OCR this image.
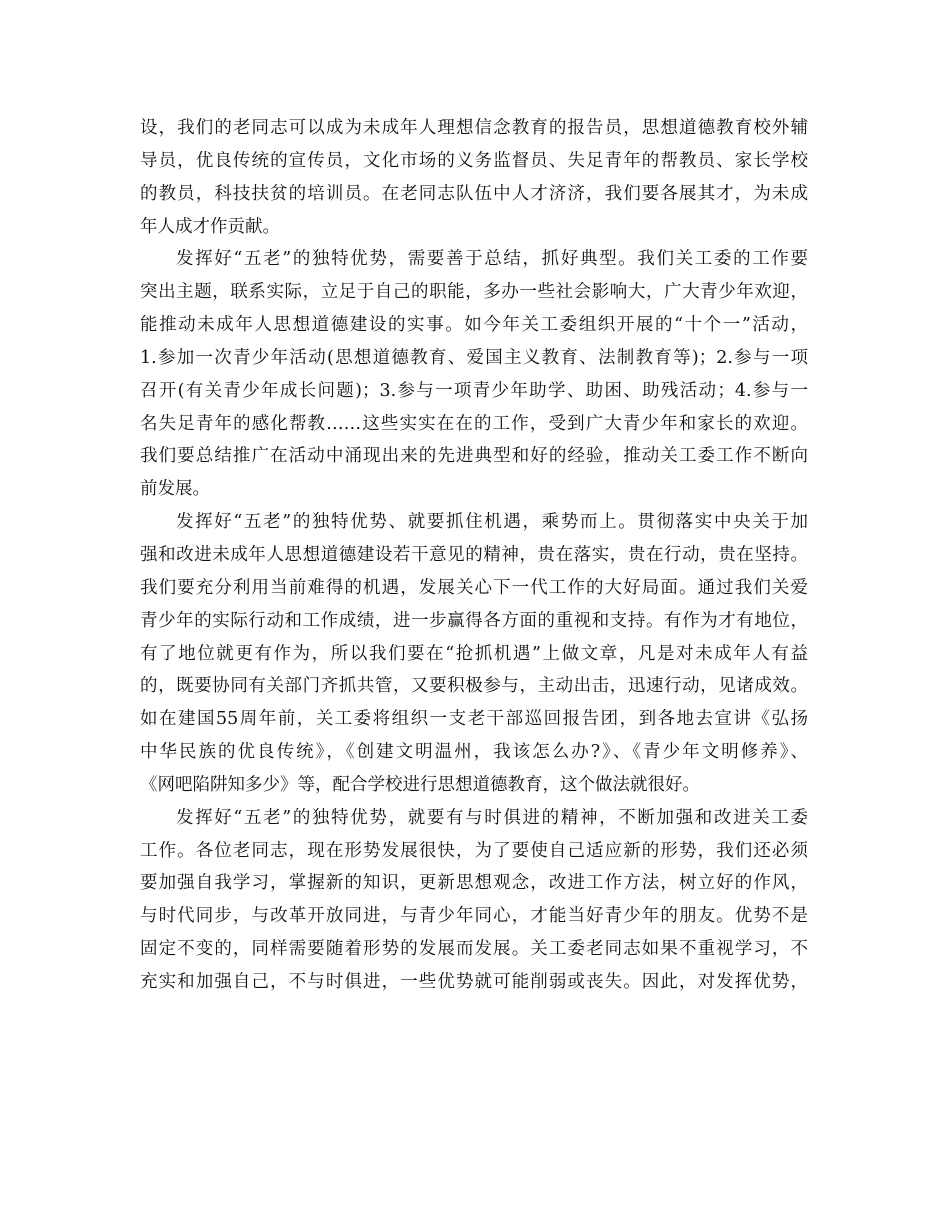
设，我们的老同志可以成为未成年人理想信念教育的报告员，思想道德教育校外辅
导员，优良传统的宣传员，文化市场的义务监督员、失足青年的帮教员、家长学校
的教员，科技扶贫的培训员。在老同志队伍中人才济济，我们要各展其才，为未成
年人成才作贡献。

发挥好“五老”的独特优势，需要善于总结，抓好典型。我们关工委的工作要
突出主题，联系实际，立足于自己的职能，多办一些社会影响大，广大青少年欢迎，
能推动未成年人思想道德建设的实事。如今年关工委组织开展的“十个一”活动，
1.参加一次青少年活动(思想道德教育、爱国主义教育、法制教育等)；2.参与一项
召开(有关青少年成长问题)；3.参与一项青少年助学、助困、助残活动；4.参与一
名失足青年的感化帮教……这些实实在在的工作，受到广大青少年和家长的欢迎。
我们要总结推广在活动中涌现出来的先进典型和好的经验，推动关工委工作不断向
前发展。

发挥好“五老”的独特优势、就要抓住机遇，乘势而上。贯彻落实中央关于加
强和改进未成年人思想道德建设若干意见的精神，贵在落实，贵在行动，贵在坚持。
我们要充分利用当前难得的机遇，发展关心下一代工作的大好局面。通过我们关爱
青少年的实际行动和工作成绩，进一步赢得各方面的重视和支持。有作为才有地位，
有了地位就更有作为，所以我们要在“抢抓机遇”上做文章，凡是对未成年人有益
的，既要协同有关部门齐抓共管，又要积极参与，主动出击，迅速行动，见诸成效。
如在建国55周年前，关工委将组织一支老干部巡回报告团，到各地去宣讲《弘扬
中华民族的优良传统》，《创建文明温州，我该怎么办?》、《青少年文明修养》、
《网吧陷阱知多少》等，配合学校进行思想道德教育，这个做法就很好。

发挥好“五老”的独特优势，就要有与时俱进的精神，不断加强和改进关工委
工作。各位老同志，现在形势发展很快，为了要使自己适应新的形势，我们还必须
要加强自我学习，掌握新的知识，更新思想观念，改进工作方法，树立好的作风，
与时代同步，与改革开放同进，与青少年同心，才能当好青少年的朋友。优势不是
固定不变的，同样需要随着形势的发展而发展。关工委老同志如果不重视学习，不
充实和加强自己，不与时俱进，一些优势就可能削弱或丧失。因此，对发挥优势，
